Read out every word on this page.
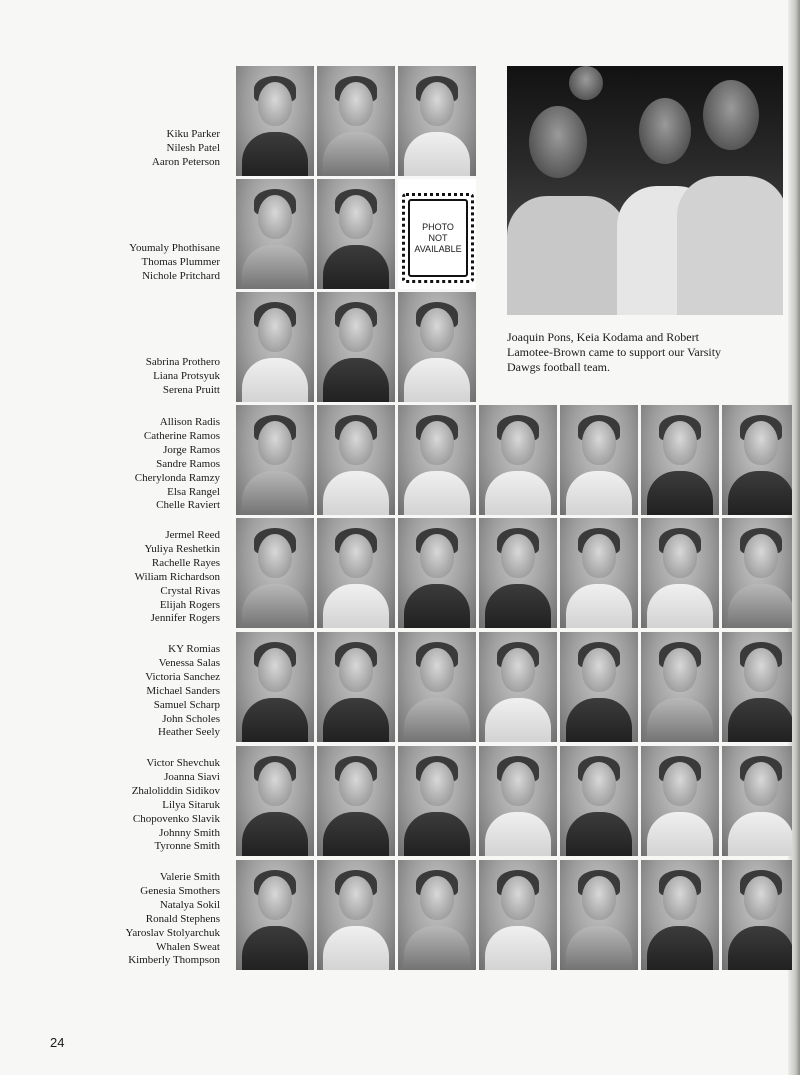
Kiku Parker
Nilesh Patel
Aaron Peterson
Youmaly Phothisane
Thomas Plummer
Nichole Pritchard
PHOTO
NOT
AVAILABLE
Sabrina Prothero
Liana Protsyuk
Serena Pruitt
Joaquin Pons, Keia Kodama and Robert Lamotee-Brown came to support our Varsity Dawgs football team.
Allison Radis
Catherine Ramos
Jorge Ramos
Sandre Ramos
Cherylonda Ramzy
Elsa Rangel
Chelle Raviert
Jermel Reed
Yuliya Reshetkin
Rachelle Rayes
Wiliam Richardson
Crystal Rivas
Elijah Rogers
Jennifer Rogers
KY Romias
Venessa Salas
Victoria Sanchez
Michael Sanders
Samuel Scharp
John Scholes
Heather Seely
Victor Shevchuk
Joanna Siavi
Zhaloliddin Sidikov
Lilya Sitaruk
Chopovenko Slavik
Johnny Smith
Tyronne Smith
Valerie Smith
Genesia Smothers
Natalya Sokil
Ronald Stephens
Yaroslav Stolyarchuk
Whalen Sweat
Kimberly Thompson
24
